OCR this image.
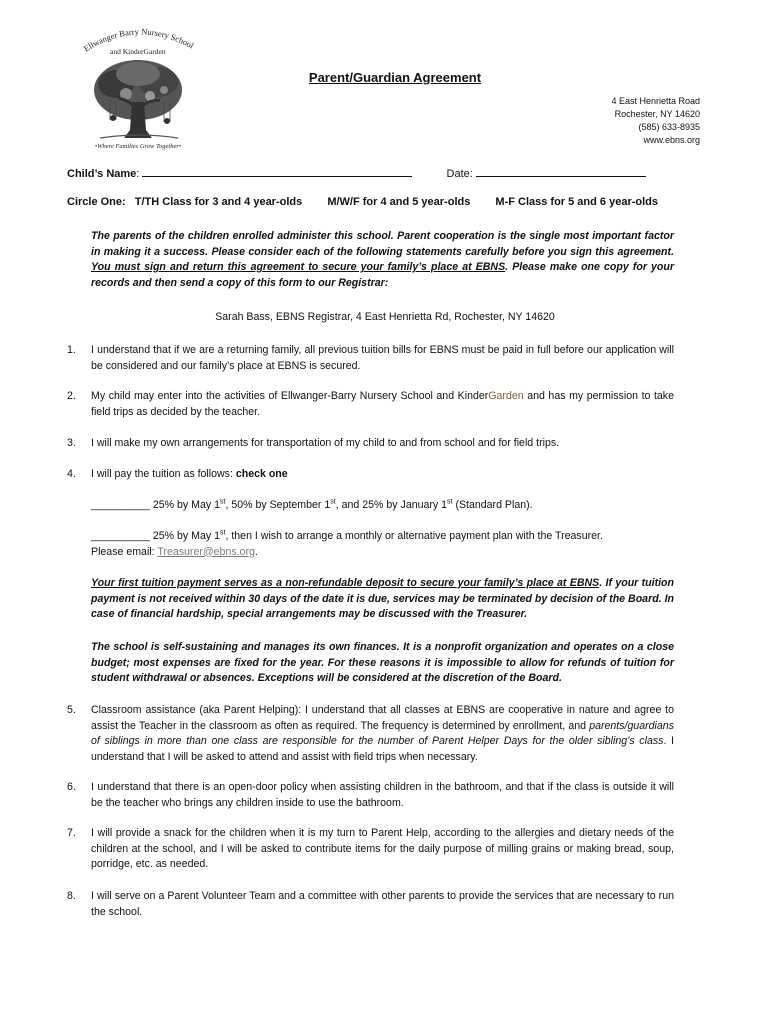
Ellwanger Barry Nursery School
and KinderGarden
•Where Families Grow Together•
Parent/Guardian Agreement
4 East Henrietta Road
Rochester, NY 14620
(585) 633-8935
www.ebns.org
Child’s Name:	Date:
Circle One: T/TH Class for 3 and 4 year-olds M/W/F for 4 and 5 year-olds M-F Class for 5 and 6 year-olds
The parents of the children enrolled administer this school. Parent cooperation is the single most important factor in making it a success. Please consider each of the following statements carefully before you sign this agreement. You must sign and return this agreement to secure your family’s place at EBNS. Please make one copy for your records and then send a copy of this form to our Registrar:
Sarah Bass, EBNS Registrar, 4 East Henrietta Rd, Rochester, NY 14620
1.	I understand that if we are a returning family, all previous tuition bills for EBNS must be paid in full before our application will be considered and our family’s place at EBNS is secured.
2.	My child may enter into the activities of Ellwanger-Barry Nursery School and KinderGarden and has my permission to take field trips as decided by the teacher.
3.	I will make my own arrangements for transportation of my child to and from school and for field trips.
4.	I will pay the tuition as follows: check one
__________ 25% by May 1st, 50% by September 1st, and 25% by January 1st (Standard Plan).
__________ 25% by May 1st, then I wish to arrange a monthly or alternative payment plan with the Treasurer.
Please email: Treasurer@ebns.org.
Your first tuition payment serves as a non-refundable deposit to secure your family’s place at EBNS. If your tuition payment is not received within 30 days of the date it is due, services may be terminated by decision of the Board. In case of financial hardship, special arrangements may be discussed with the Treasurer.
The school is self-sustaining and manages its own finances. It is a nonprofit organization and operates on a close budget; most expenses are fixed for the year. For these reasons it is impossible to allow for refunds of tuition for student withdrawal or absences. Exceptions will be considered at the discretion of the Board.
5.	Classroom assistance (aka Parent Helping): I understand that all classes at EBNS are cooperative in nature and agree to assist the Teacher in the classroom as often as required. The frequency is determined by enrollment, and parents/guardians of siblings in more than one class are responsible for the number of Parent Helper Days for the older sibling’s class. I understand that I will be asked to attend and assist with field trips when necessary.
6.	I understand that there is an open-door policy when assisting children in the bathroom, and that if the class is outside it will be the teacher who brings any children inside to use the bathroom.
7.	I will provide a snack for the children when it is my turn to Parent Help, according to the allergies and dietary needs of the children at the school, and I will be asked to contribute items for the daily purpose of milling grains or making bread, soup, porridge, etc. as needed.
8.	I will serve on a Parent Volunteer Team and a committee with other parents to provide the services that are necessary to run the school.
